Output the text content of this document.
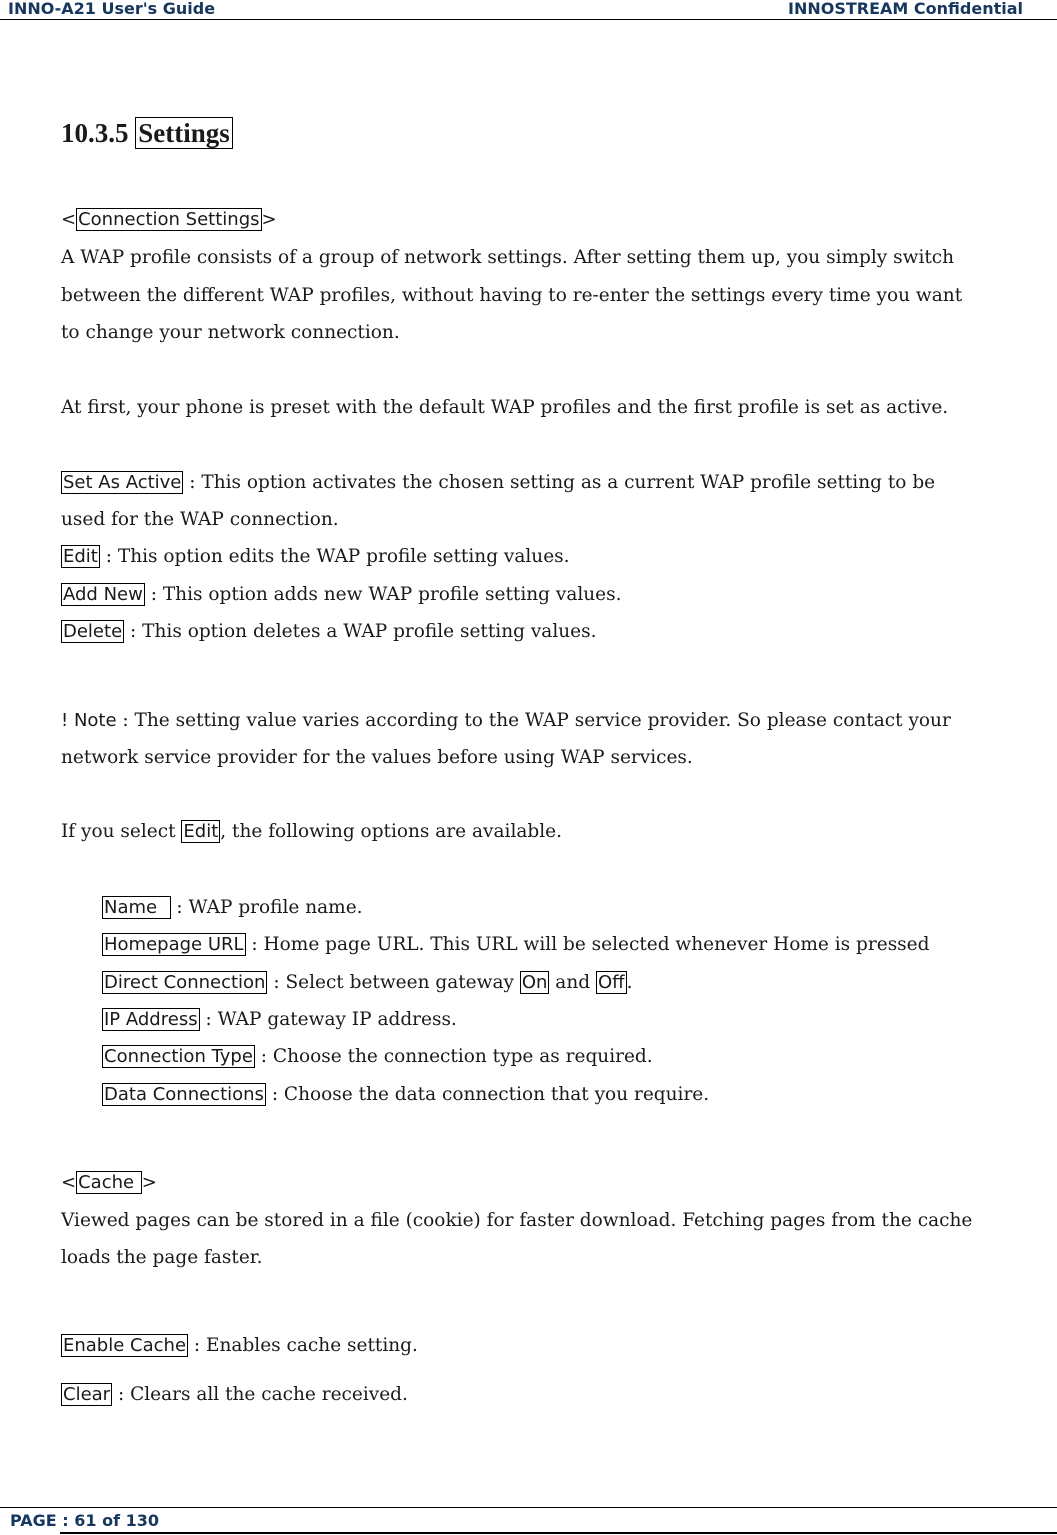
INNO-A21 User's Guide	INNOSTREAM Confidential
10.3.5 Settings
< Connection Settings >
A WAP profile consists of a group of network settings. After setting them up, you simply switch
between the different WAP profiles, without having to re-enter the settings every time you want
to change your network connection.
At first, your phone is preset with the default WAP profiles and the first profile is set as active.
Set As Active : This option activates the chosen setting as a current WAP profile setting to be
used for the WAP connection.
Edit : This option edits the WAP profile setting values.
Add New : This option adds new WAP profile setting values.
Delete : This option deletes a WAP profile setting values.
! Note : The setting value varies according to the WAP service provider. So please contact your
network service provider for the values before using WAP services.
If you select Edit , the following options are available.
Name   : WAP profile name.
Homepage URL : Home page URL. This URL will be selected whenever Home is pressed
Direct Connection : Select between gateway On and Off .
IP Address : WAP gateway IP address.
Connection Type : Choose the connection type as required.
Data Connections : Choose the data connection that you require.
< Cache >
Viewed pages can be stored in a file (cookie) for faster download. Fetching pages from the cache
loads the page faster.
Enable Cache : Enables cache setting.
Clear : Clears all the cache received.
PAGE : 61 of 130
